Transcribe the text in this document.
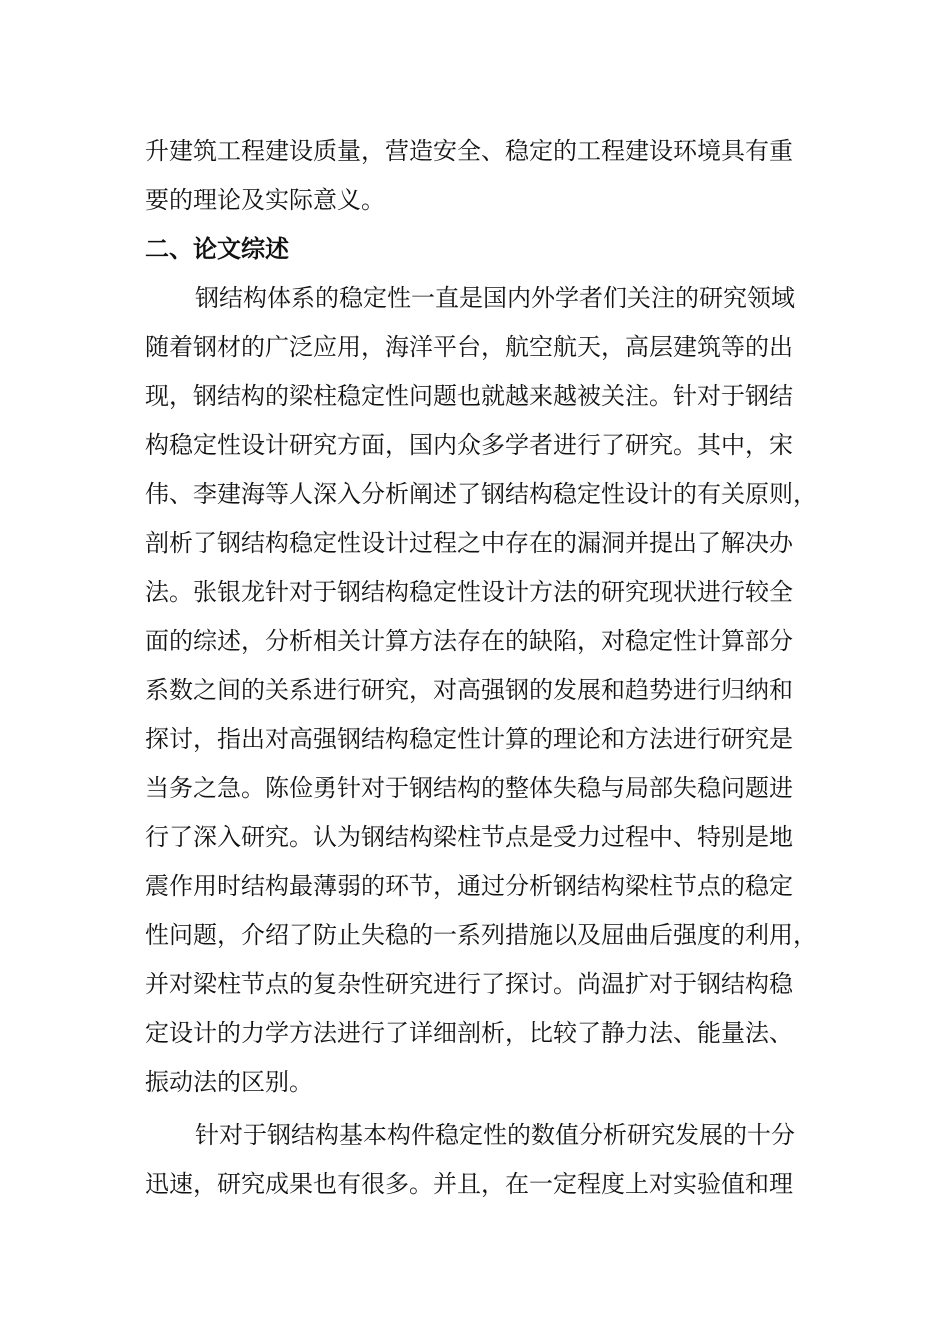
升建筑工程建设质量，营造安全、稳定的工程建设环境具有重
要的理论及实际意义。
二、论文综述
钢结构体系的稳定性一直是国内外学者们关注的研究领域
随着钢材的广泛应用，海洋平台，航空航天，高层建筑等的出
现，钢结构的梁柱稳定性问题也就越来越被关注。针对于钢结
构稳定性设计研究方面，国内众多学者进行了研究。其中，宋
伟、李建海等人深入分析阐述了钢结构稳定性设计的有关原则，
剖析了钢结构稳定性设计过程之中存在的漏洞并提出了解决办
法。张银龙针对于钢结构稳定性设计方法的研究现状进行较全
面的综述，分析相关计算方法存在的缺陷，对稳定性计算部分
系数之间的关系进行研究，对高强钢的发展和趋势进行归纳和
探讨，指出对高强钢结构稳定性计算的理论和方法进行研究是
当务之急。陈俭勇针对于钢结构的整体失稳与局部失稳问题进
行了深入研究。认为钢结构梁柱节点是受力过程中、特别是地
震作用时结构最薄弱的环节，通过分析钢结构梁柱节点的稳定
性问题，介绍了防止失稳的一系列措施以及屈曲后强度的利用，
并对梁柱节点的复杂性研究进行了探讨。尚温扩对于钢结构稳
定设计的力学方法进行了详细剖析，比较了静力法、能量法、
振动法的区别。
针对于钢结构基本构件稳定性的数值分析研究发展的十分
迅速，研究成果也有很多。并且，在一定程度上对实验值和理
